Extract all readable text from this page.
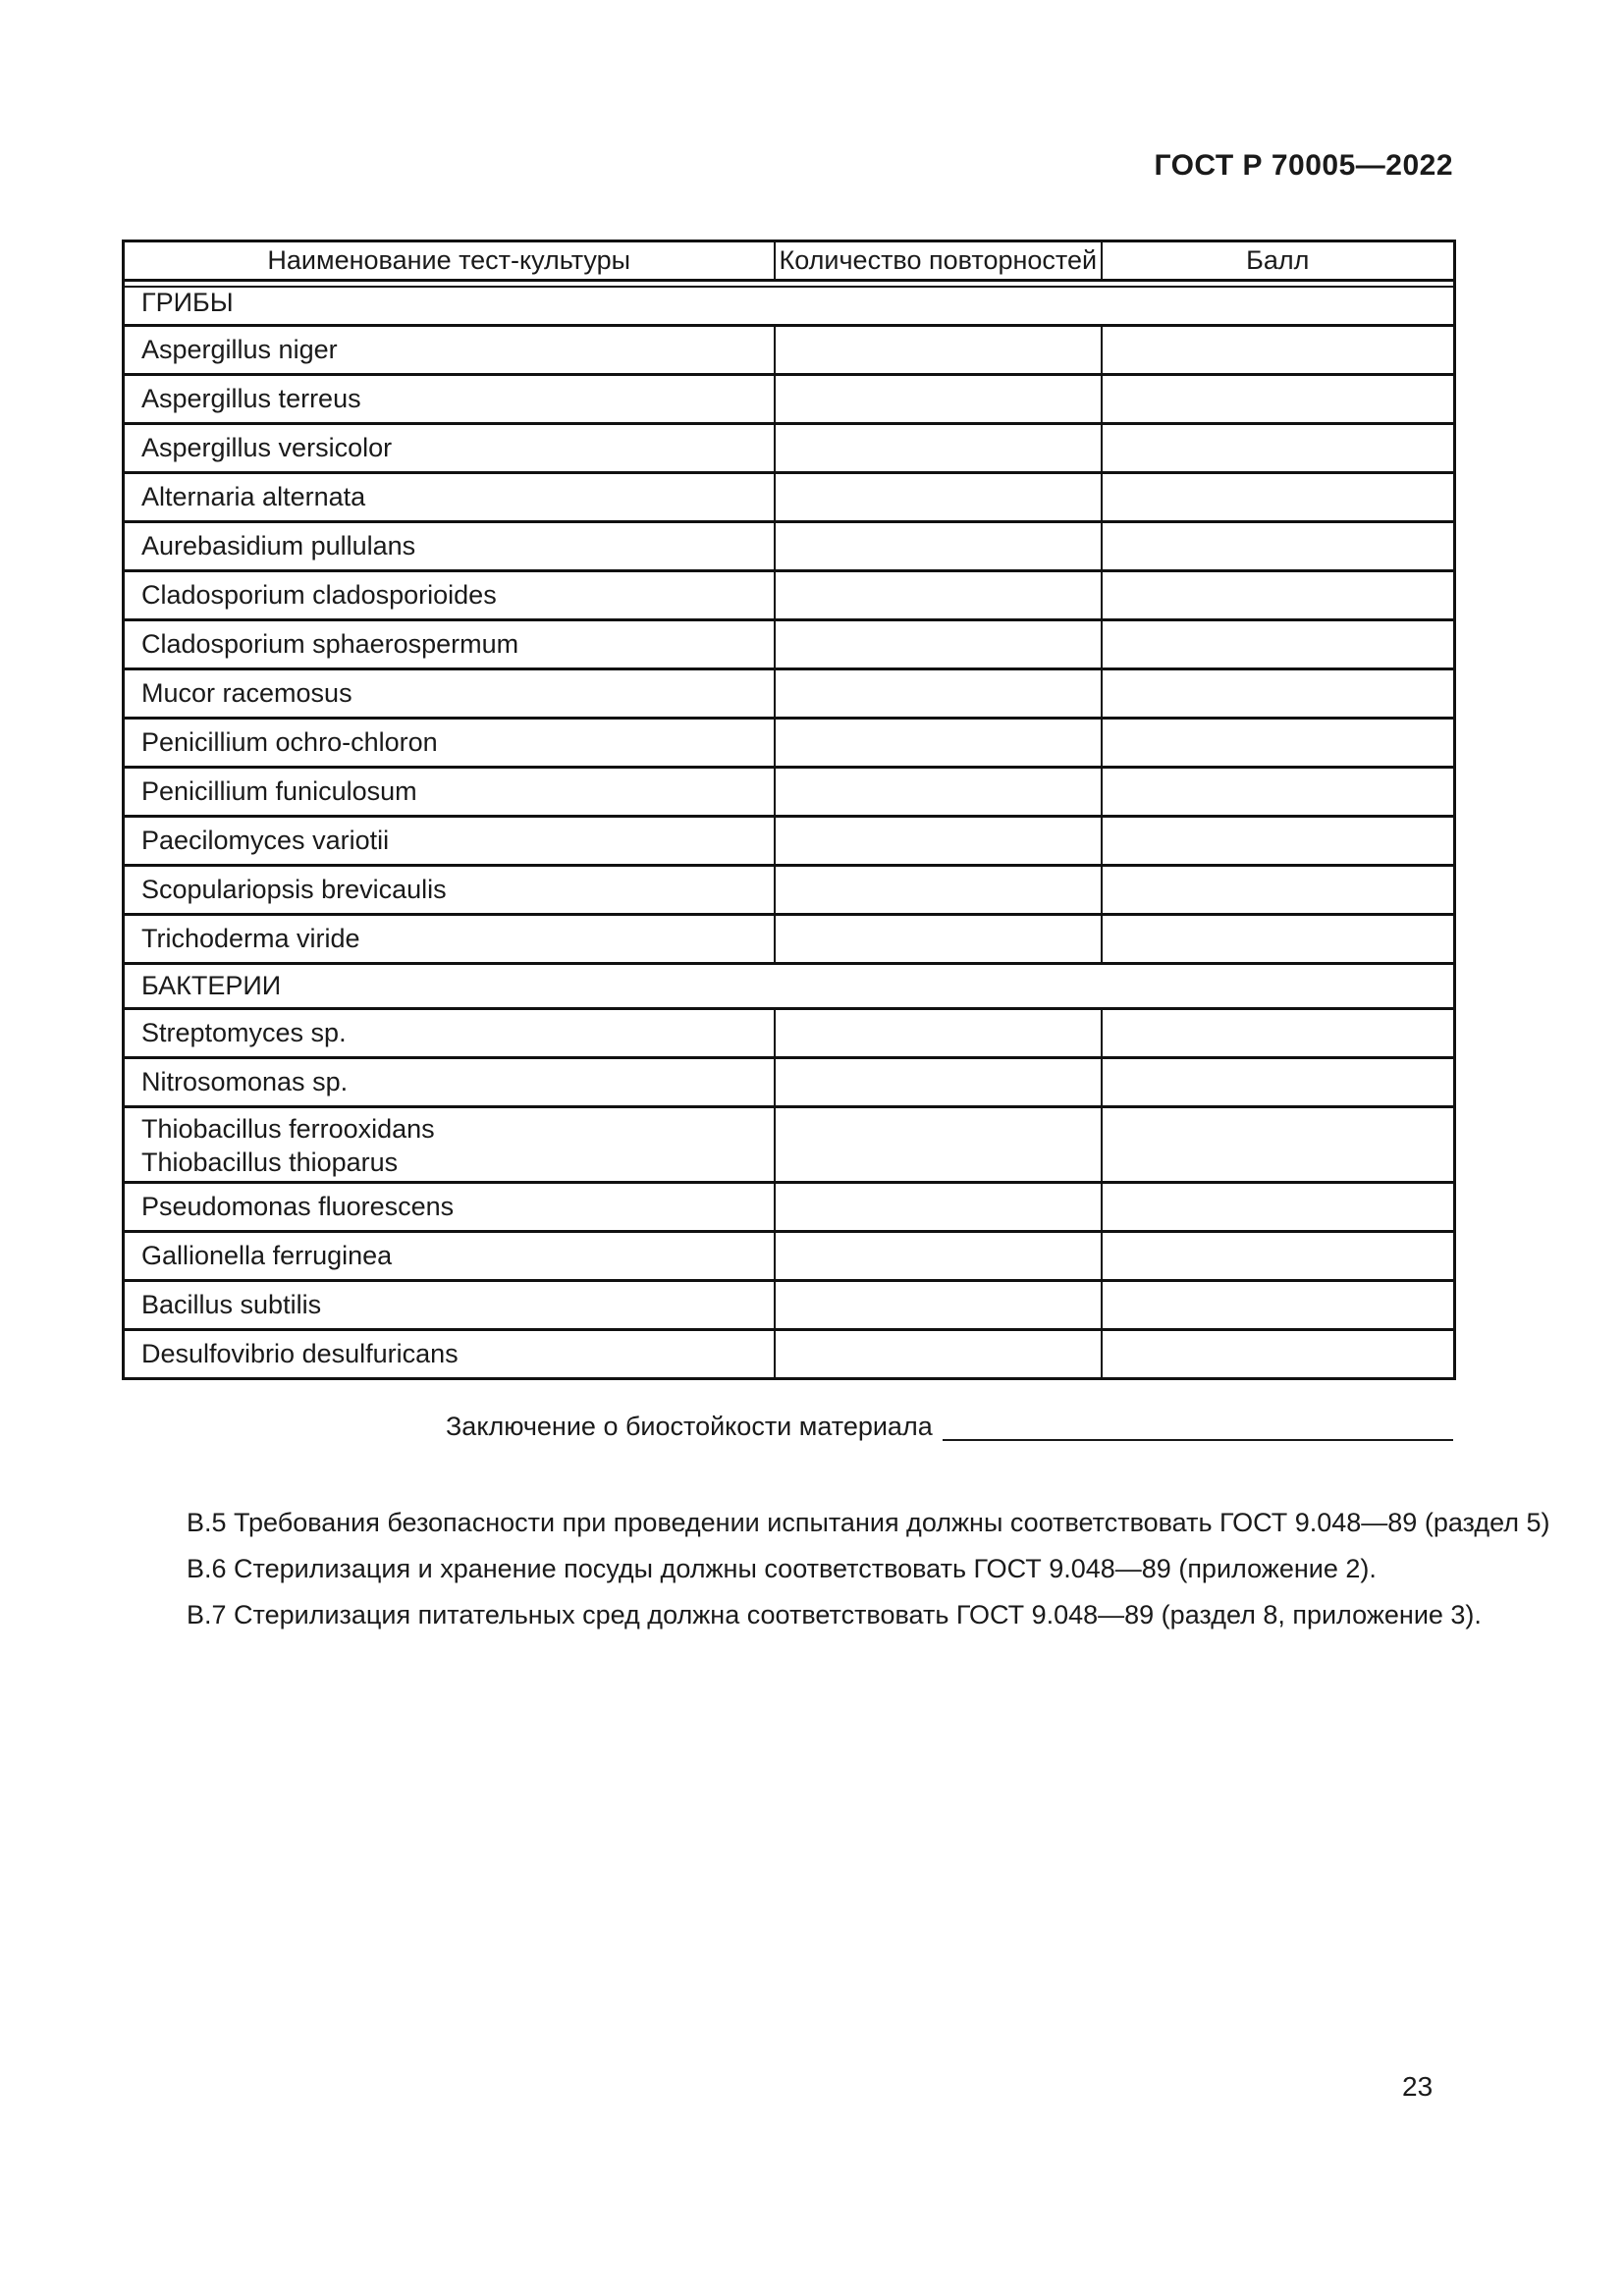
ГОСТ Р 70005—2022
Наименование тест-культуры	Количество повторностей	Балл
ГРИБЫ		
Aspergillus niger		
Aspergillus terreus		
Aspergillus versicolor		
Alternaria alternata		
Aurebasidium pullulans		
Cladosporium cladosporioides		
Cladosporium sphaerospermum		
Mucor racemosus		
Penicillium ochro-chloron		
Penicillium funiculosum		
Paecilomyces variotii		
Scopulariopsis brevicaulis		
Trichoderma viride		
БАКТЕРИИ		
Streptomyces sp.		
Nitrosomonas sp.		

Thiobacillus ferrooxidans
Thiobacillus thioparus		

Pseudomonas fluorescens		
Gallionella ferruginea		
Bacillus subtilis		
Desulfovibrio desulfuricans		
Заключение о биостойкости материала
В.5 Требования безопасности при проведении испытания должны соответствовать ГОСТ 9.048—89 (раздел 5)
В.6 Стерилизация и хранение посуды должны соответствовать ГОСТ 9.048—89 (приложение 2).
В.7 Стерилизация питательных сред должна соответствовать ГОСТ 9.048—89 (раздел 8, приложение 3).
23
